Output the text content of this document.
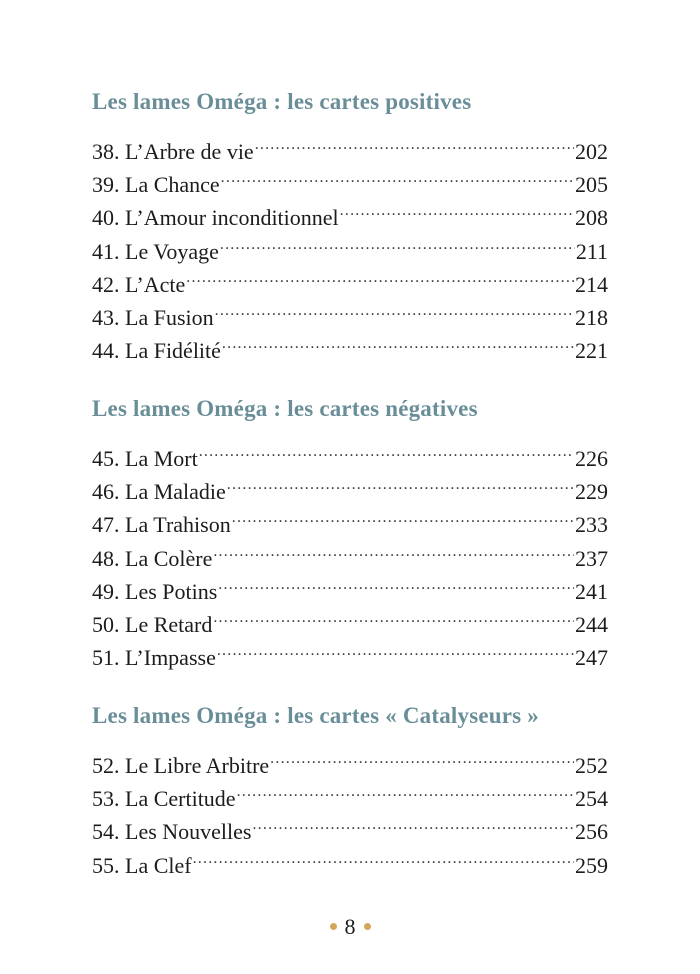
Les lames Oméga : les cartes positives
38. L’Arbre de vie .....	202
39. La Chance .....	205
40. L’Amour inconditionnel .....	208
41. Le Voyage .....	211
42. L’Acte .....	214
43. La Fusion .....	218
44. La Fidélité .....	221
Les lames Oméga : les cartes négatives
45. La Mort .....	226
46. La Maladie .....	229
47. La Trahison .....	233
48. La Colère .....	237
49. Les Potins .....	241
50. Le Retard .....	244
51. L’Impasse .....	247
Les lames Oméga : les cartes « Catalyseurs »
52. Le Libre Arbitre .....	252
53. La Certitude .....	254
54. Les Nouvelles .....	256
55. La Clef .....	259
8
